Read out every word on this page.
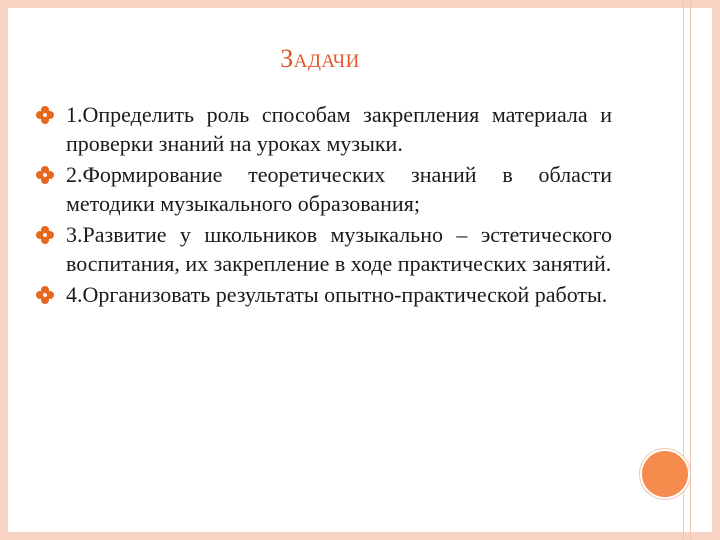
ЗАДАЧИ
1.Определить роль способам закрепления материала и проверки знаний на уроках музыки.
2.Формирование теоретических знаний в области методики музыкального образования;
3.Развитие у школьников музыкально – эстетического воспитания, их закрепление в ходе практических занятий.
4.Организовать результаты опытно-практической работы.
